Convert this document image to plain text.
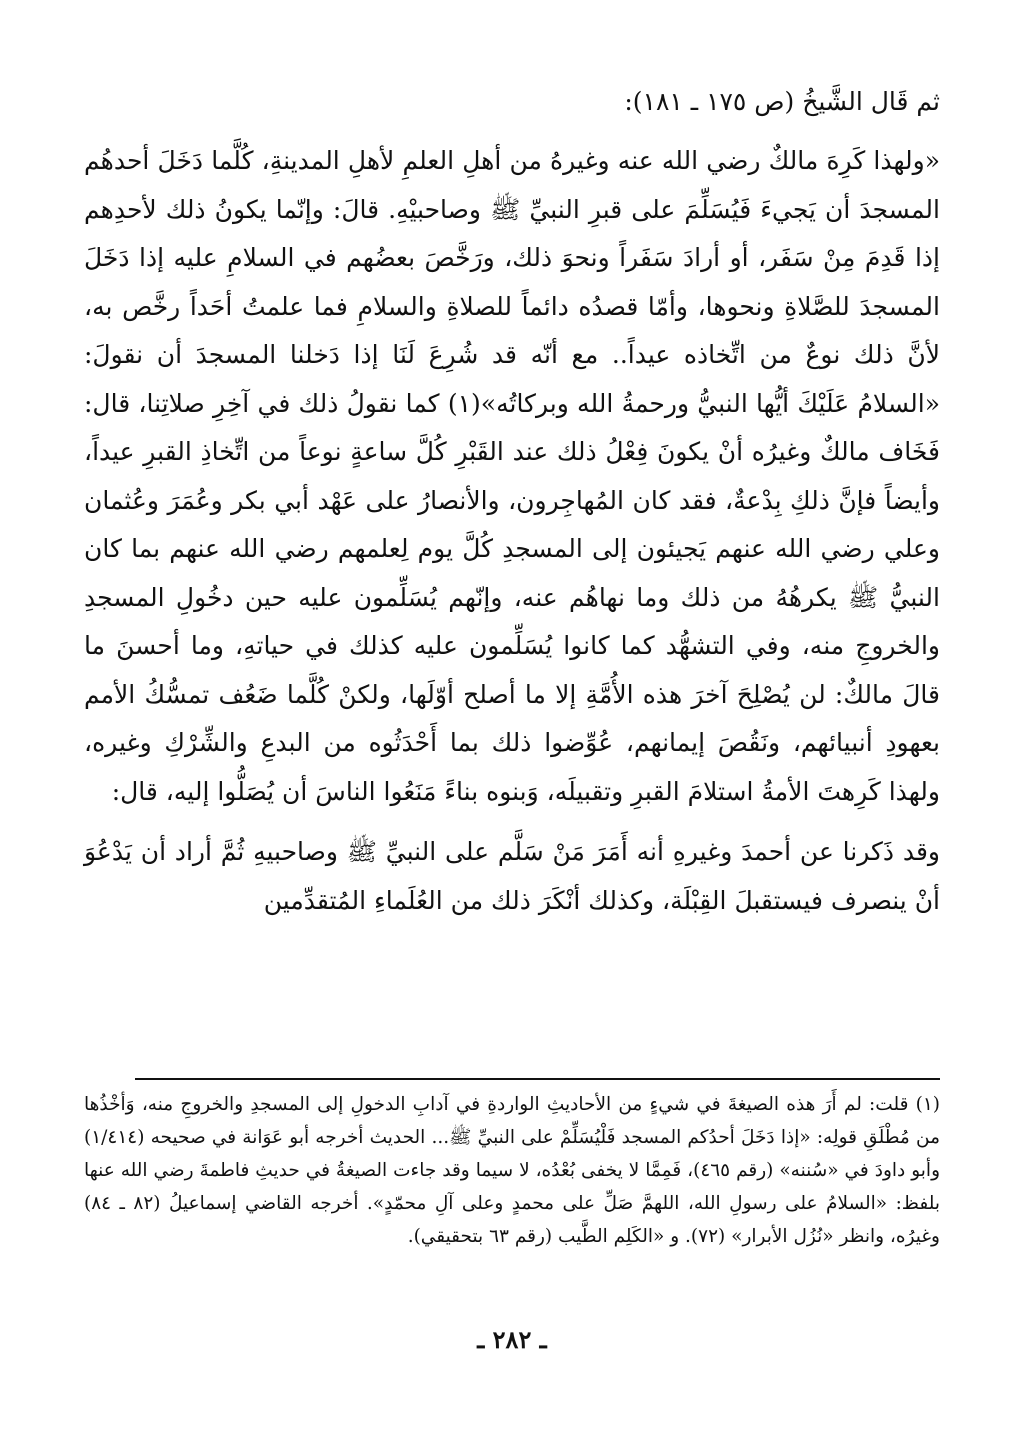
ثم قَال الشَّيخُ (ص ١٧٥ ـ ١٨١):

«ولهذا كَرِهَ مالكٌ رضي الله عنه وغيرهُ من أهلِ العلمِ لأهلِ المدينةِ، كُلَّما دَخَلَ أحدهُم المسجدَ أن يَجيءَ فَيُسَلِّمَ على قبرِ النبيِّ ﷺ وصاحبيْهِ. قالَ: وإنّما يكونُ ذلك لأحدِهم إذا قَدِمَ مِنْ سَفَر، أو أرادَ سَفَراً ونحوَ ذلك، ورَخَّصَ بعضُهم في السلامِ عليه إذا دَخَلَ المسجدَ للصَّلاةِ ونحوها، وأمّا قصدُه دائماً للصلاةِ والسلامِ فما علمتُ أحَداً رخَّص به، لأنَّ ذلك نوعٌ من اتِّخاذه عيداً.. مع أنّه قد شُرِعَ لَنَا إذا دَخلنا المسجدَ أن نقولَ: «السلامُ عَلَيْكَ أيُّها النبيُّ ورحمةُ الله وبركاتُه»(١) كما نقولُ ذلك في آخِرِ صلاتِنا، قال: فَخَاف مالكٌ وغيرُه أنْ يكونَ فِعْلُ ذلك عند القَبْرِ كُلَّ ساعةٍ نوعاً من اتِّخاذِ القبرِ عيداً، وأيضاً فإنَّ ذلكِ بِدْعةٌ، فقد كان المُهاجِرون، والأنصارُ على عَهْد أبي بكر وعُمَرَ وعُثمان وعلي رضي الله عنهم يَجيئون إلى المسجدِ كُلَّ يوم لِعلمهم رضي الله عنهم بما كان النبيُّ ﷺ يكرهُهُ من ذلك وما نهاهُم عنه، وإنّهم يُسَلِّمون عليه حين دخُولِ المسجدِ والخروجِ منه، وفي التشهُّد كما كانوا يُسَلِّمون عليه كذلك في حياتهِ، وما أحسنَ ما قالَ مالكٌ: لن يُصْلِحَ آخرَ هذه الأُمَّةِ إلا ما أصلح أوّلَها، ولكنْ كُلَّما ضَعُف تمسُّكُ الأمم بعهودِ أنبيائهم، ونَقُصَ إيمانهم، عُوِّضوا ذلك بما أَحْدَثُوه من البدعِ والشِّرْكِ وغيره، ولهذا كَرِهتَ الأمةُ استلامَ القبرِ وتقبيلَه، وَبنوه بناءً مَنَعُوا الناسَ أن يُصَلُّوا إليه، قال:

وقد ذَكرنا عن أحمدَ وغيرهِ أنه أَمَرَ مَنْ سَلَّم على النبيِّ ﷺ وصاحبيهِ ثُمَّ أراد أن يَدْعُوَ أنْ ينصرف فيستقبلَ القِبْلَة، وكذلك أنْكَرَ ذلك من العُلَماءِ المُتقدِّمين

(١) قلت: لم أَرَ هذه الصيغةَ في شيءٍ من الأحاديثِ الواردةِ في آدابِ الدخولِ إلى المسجدِ والخروجِ منه، وَأخْذُها من مُطْلَقِ قولِه: «إذا دَخَلَ أحدُكم المسجد فَلْيُسَلِّمْ على النبيِّ ﷺ... الحديث أخرجه أبو عَوَانة في صحيحه (١/٤١٤) وأبو داودَ في «سُننه» (رقم ٤٦٥)، فَمِمَّا لا يخفى بُعْدُه، لا سيما وقد جاءت الصيغةُ في حديثِ فاطمةَ رضي الله عنها بلفظ: «السلامُ على رسولِ الله، اللهمَّ صَلِّ على محمدٍ وعلى آلِ محمّدٍ». أخرجه القاضي إسماعيلُ (٨٢ ـ ٨٤) وغيرُه، وانظر «نُزُل الأبرار» (٧٢). و «الكَلِم الطَّيب (رقم ٦٣ بتحقيقي).

ـ ٢٨٢ ـ
